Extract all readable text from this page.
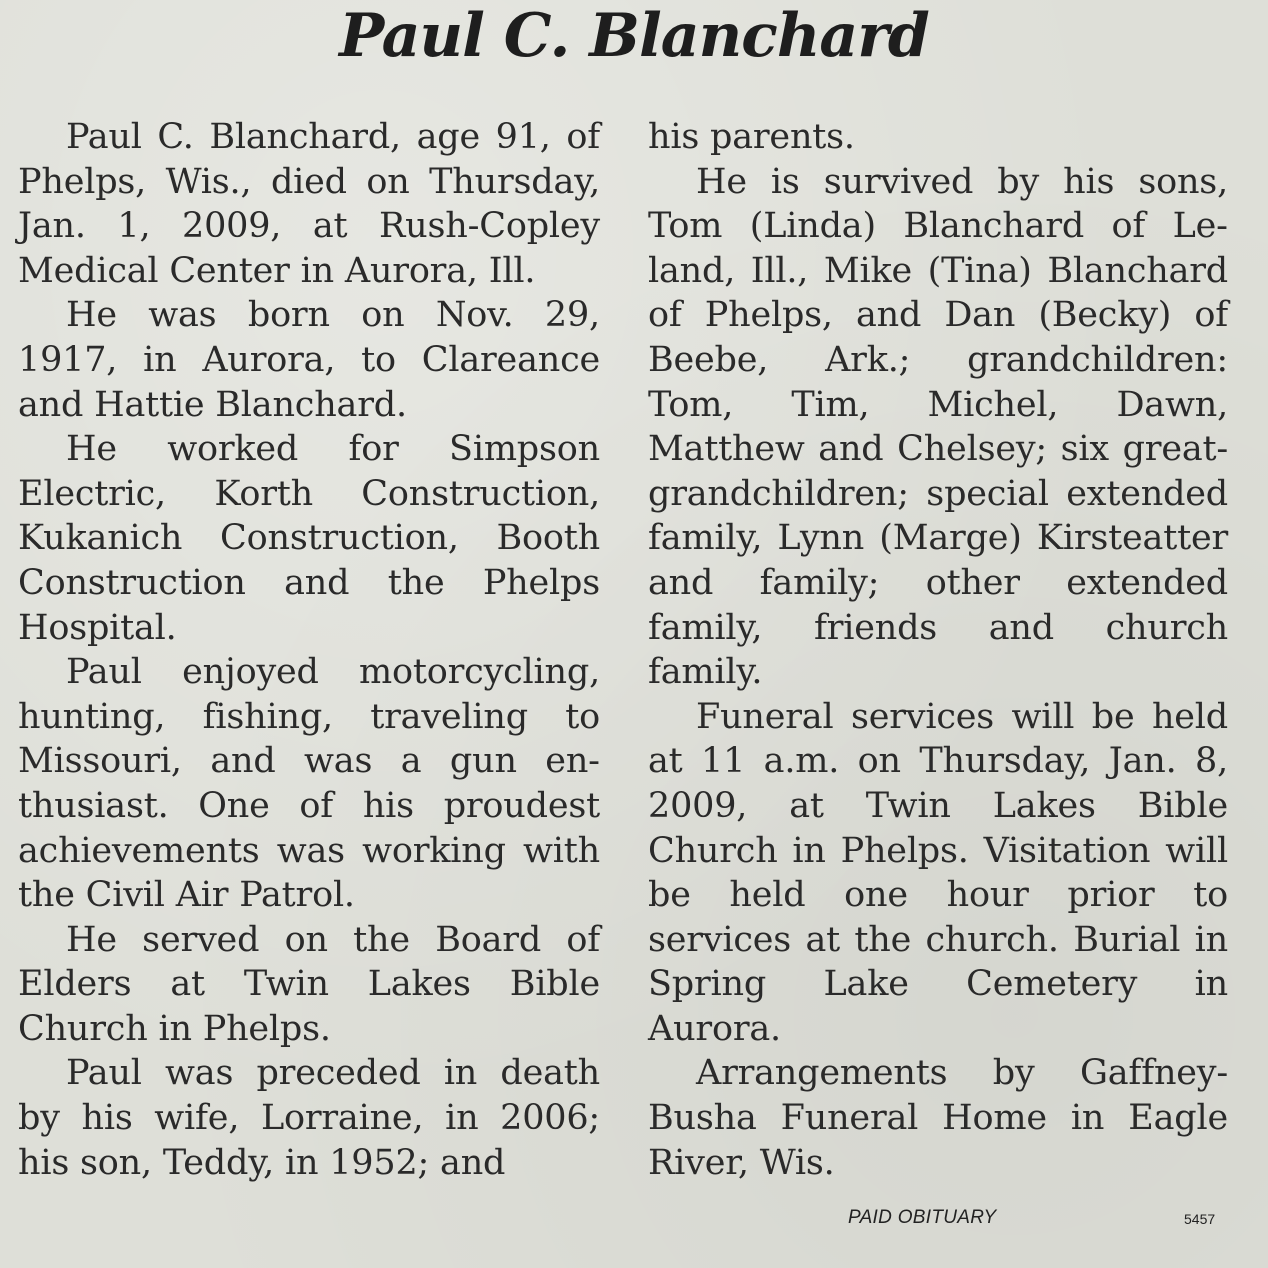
Paul C. Blanchard

Paul C. Blanchard, age 91, of Phelps, Wis., died on Thursday, Jan. 1, 2009, at Rush-Copley Medical Center in Aurora, Ill.

He was born on Nov. 29, 1917, in Aurora, to Clareance and Hattie Blanchard.

He worked for Simpson Electric, Korth Construction, Kukanich Construction, Booth Construction and the Phelps Hospital.

Paul enjoyed motorcycling, hunting, fishing, traveling to Missouri, and was a gun enthusiast. One of his proudest achievements was working with the Civil Air Patrol.

He served on the Board of Elders at Twin Lakes Bible Church in Phelps.

Paul was preceded in death by his wife, Lorraine, in 2006; his son, Teddy, in 1952; and

his parents.

He is survived by his sons, Tom (Linda) Blanchard of Leland, Ill., Mike (Tina) Blanchard of Phelps, and Dan (Becky) of Beebe, Ark.; grandchildren: Tom, Tim, Michel, Dawn, Matthew and Chelsey; six great-grandchildren; special extended family, Lynn (Marge) Kirsteatter and family; other extended family, friends and church family.

Funeral services will be held at 11 a.m. on Thursday, Jan. 8, 2009, at Twin Lakes Bible Church in Phelps. Visitation will be held one hour prior to services at the church. Burial in Spring Lake Cemetery in Aurora.

Arrangements by Gaffney-Busha Funeral Home in Eagle River, Wis.

PAID OBITUARY	5457
